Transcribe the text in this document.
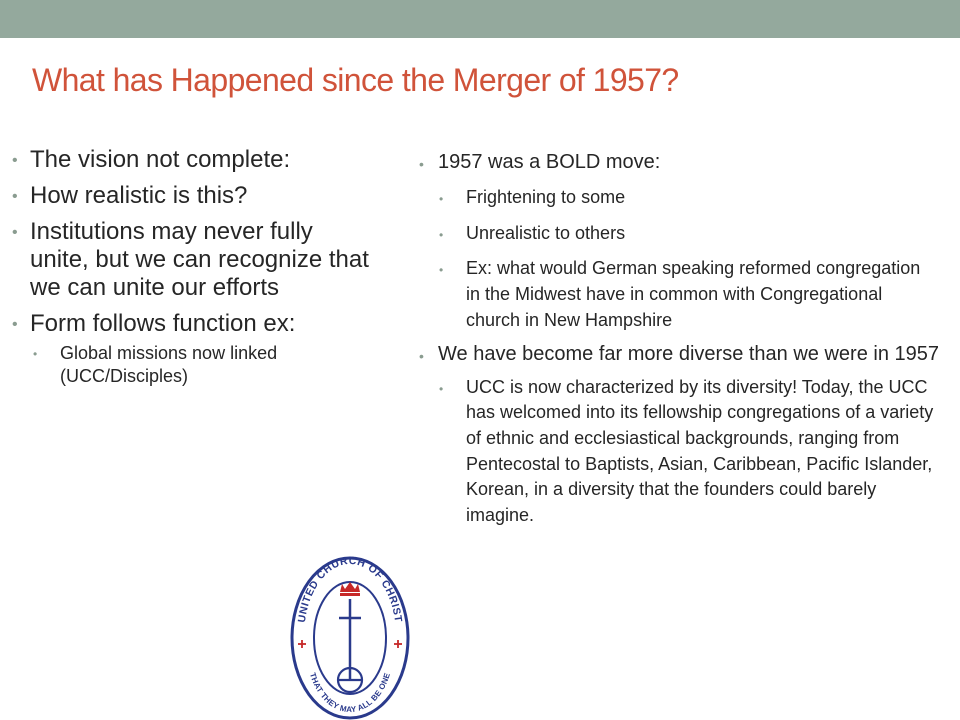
What has Happened since the Merger of 1957?
• The vision not complete:
• How realistic is this?
• Institutions may never fully unite, but we can recognize that we can unite our efforts
• Form follows function ex:
• Global missions now linked (UCC/Disciples)
• 1957 was a BOLD move:
• Frightening to some
• Unrealistic to others
• Ex: what would German speaking reformed congregation in the Midwest have in common with Congregational church in New Hampshire
• We have become far more diverse than we were in 1957
• UCC is now characterized by its diversity! Today, the UCC has welcomed into its fellowship congregations of a variety of ethnic and ecclesiastical backgrounds, ranging from Pentecostal to Baptists, Asian, Caribbean, Pacific Islander, Korean, in a diversity that the founders could barely imagine.
UNITED CHURCH OF CHRIST
THAT THEY MAY ALL BE ONE
